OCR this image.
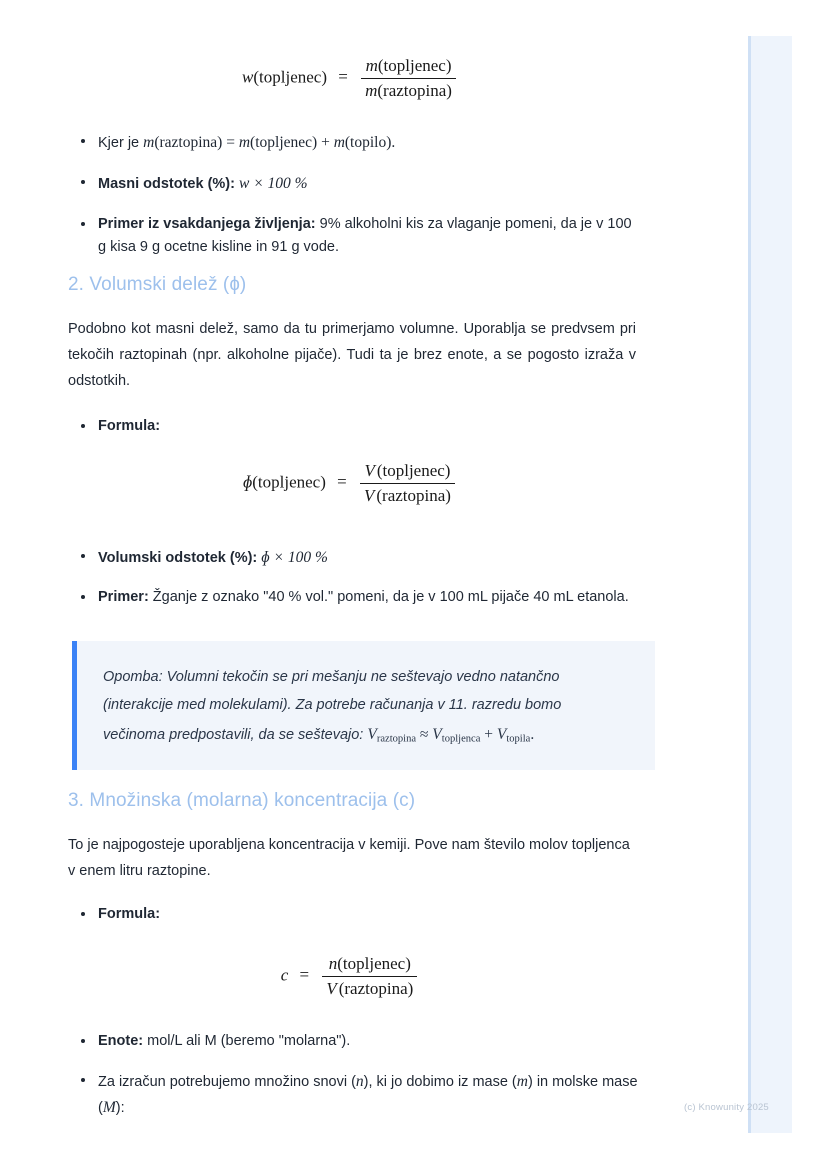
w(topljenec) = $\frac{\text{m(topljenec)}}{\text{m(raztopina)}}$
Kjer je m(raztopina) = m(topljenec) + m(topilo).
Masni odstotek (%): w × 100 %
Primer iz vsakdanjega življenja: 9% alkoholni kis za vlaganje pomeni, da je v 100 g kisa 9 g ocetne kisline in 91 g vode.
2. Volumski delež (ɸ)

Podobno kot masni delež, samo da tu primerjamo volumne. Uporablja se predvsem pri tekočih raztopinah (npr. alkoholne pijače). Tudi ta je brez enote, a se pogosto izraža v odstotkih.

Formula:
ɸ(topljenec) = $\frac{\text{V (topljenec)}}{\text{V (raztopina)}}$
Volumski odstotek (%): ɸ × 100 %
Primer: Žganje z oznako "40 % vol." pomeni, da je v 100 mL pijače 40 mL etanola.

Opomba: Volumni tekočin se pri mešanju ne seštevajo vedno natančno (interakcije med molekulami). Za potrebe računanja v 11. razredu bomo večinoma predpostavili, da se seštevajo: $V_{raztopina} \approx V_{topljenca} + V_{topila}$.

3. Množinska (molarna) koncentracija (c)

To je najpogosteje uporabljena koncentracija v kemiji. Pove nam število molov topljenca v enem litru raztopine.

Formula:
$c = \frac{\text{n(topljenec)}}{\text{V (raztopina)}}$
Enote: mol/L ali M (beremo "molarna").
Za izračun potrebujemo množino snovi (n), ki jo dobimo iz mase (m) in molske mase (M):	(c) Knowunity 2025
